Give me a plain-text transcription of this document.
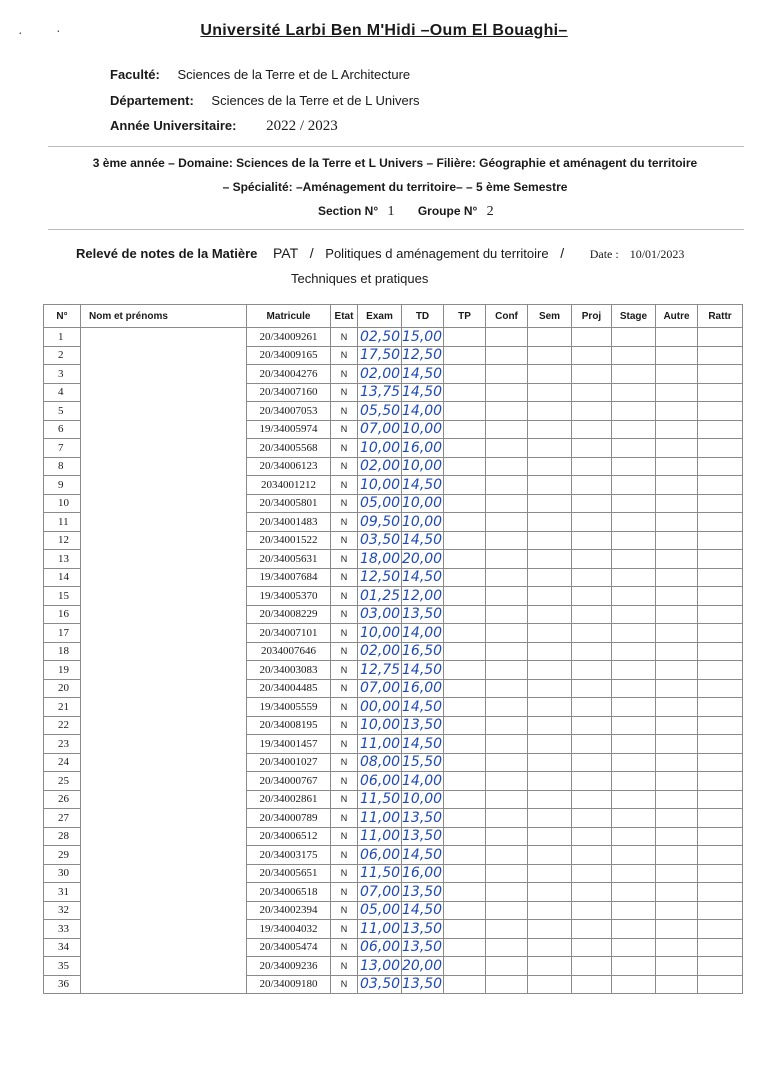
· ·	Université Larbi Ben M'Hidi –Oum El Bouaghi–
Faculté: Sciences de la Terre et de L Architecture
Département: Sciences de la Terre et de L Univers
Année Universitaire: 2022 / 2023
3 ème année – Domaine: Sciences de la Terre et L Univers – Filière: Géographie et aménagent du territoire
– Spécialité: –Aménagement du territoire– – 5 ème Semestre
Section N° 1 Groupe N° 2
Relevé de notes de la Matière PAT / Politiques d aménagement du territoire / Date : 10/01/2023
Techniques et pratiques
N°	Nom et prénoms	Matricule	Etat	Exam	TD	TP	Conf	Sem	Proj	Stage	Autre	Rattr
1		20/34009261	N	02,50	15,00							
2		20/34009165	N	17,50	12,50							
3		20/34004276	N	02,00	14,50							
4		20/34007160	N	13,75	14,50							
5		20/34007053	N	05,50	14,00							
6		19/34005974	N	07,00	10,00							
7		20/34005568	N	10,00	16,00							
8		20/34006123	N	02,00	10,00							
9		2034001212	N	10,00	14,50							
10		20/34005801	N	05,00	10,00							
11		20/34001483	N	09,50	10,00							
12		20/34001522	N	03,50	14,50							
13		20/34005631	N	18,00	20,00							
14		19/34007684	N	12,50	14,50							
15		19/34005370	N	01,25	12,00							
16		20/34008229	N	03,00	13,50							
17		20/34007101	N	10,00	14,00							
18		2034007646	N	02,00	16,50							
19		20/34003083	N	12,75	14,50							
20		20/34004485	N	07,00	16,00							
21		19/34005559	N	00,00	14,50							
22		20/34008195	N	10,00	13,50							
23		19/34001457	N	11,00	14,50							
24		20/34001027	N	08,00	15,50							
25		20/34000767	N	06,00	14,00							
26		20/34002861	N	11,50	10,00							
27		20/34000789	N	11,00	13,50							
28		20/34006512	N	11,00	13,50							
29		20/34003175	N	06,00	14,50							
30		20/34005651	N	11,50	16,00							
31		20/34006518	N	07,00	13,50							
32		20/34002394	N	05,00	14,50							
33		19/34004032	N	11,00	13,50							
34		20/34005474	N	06,00	13,50							
35		20/34009236	N	13,00	20,00							
36		20/34009180	N	03,50	13,50							
